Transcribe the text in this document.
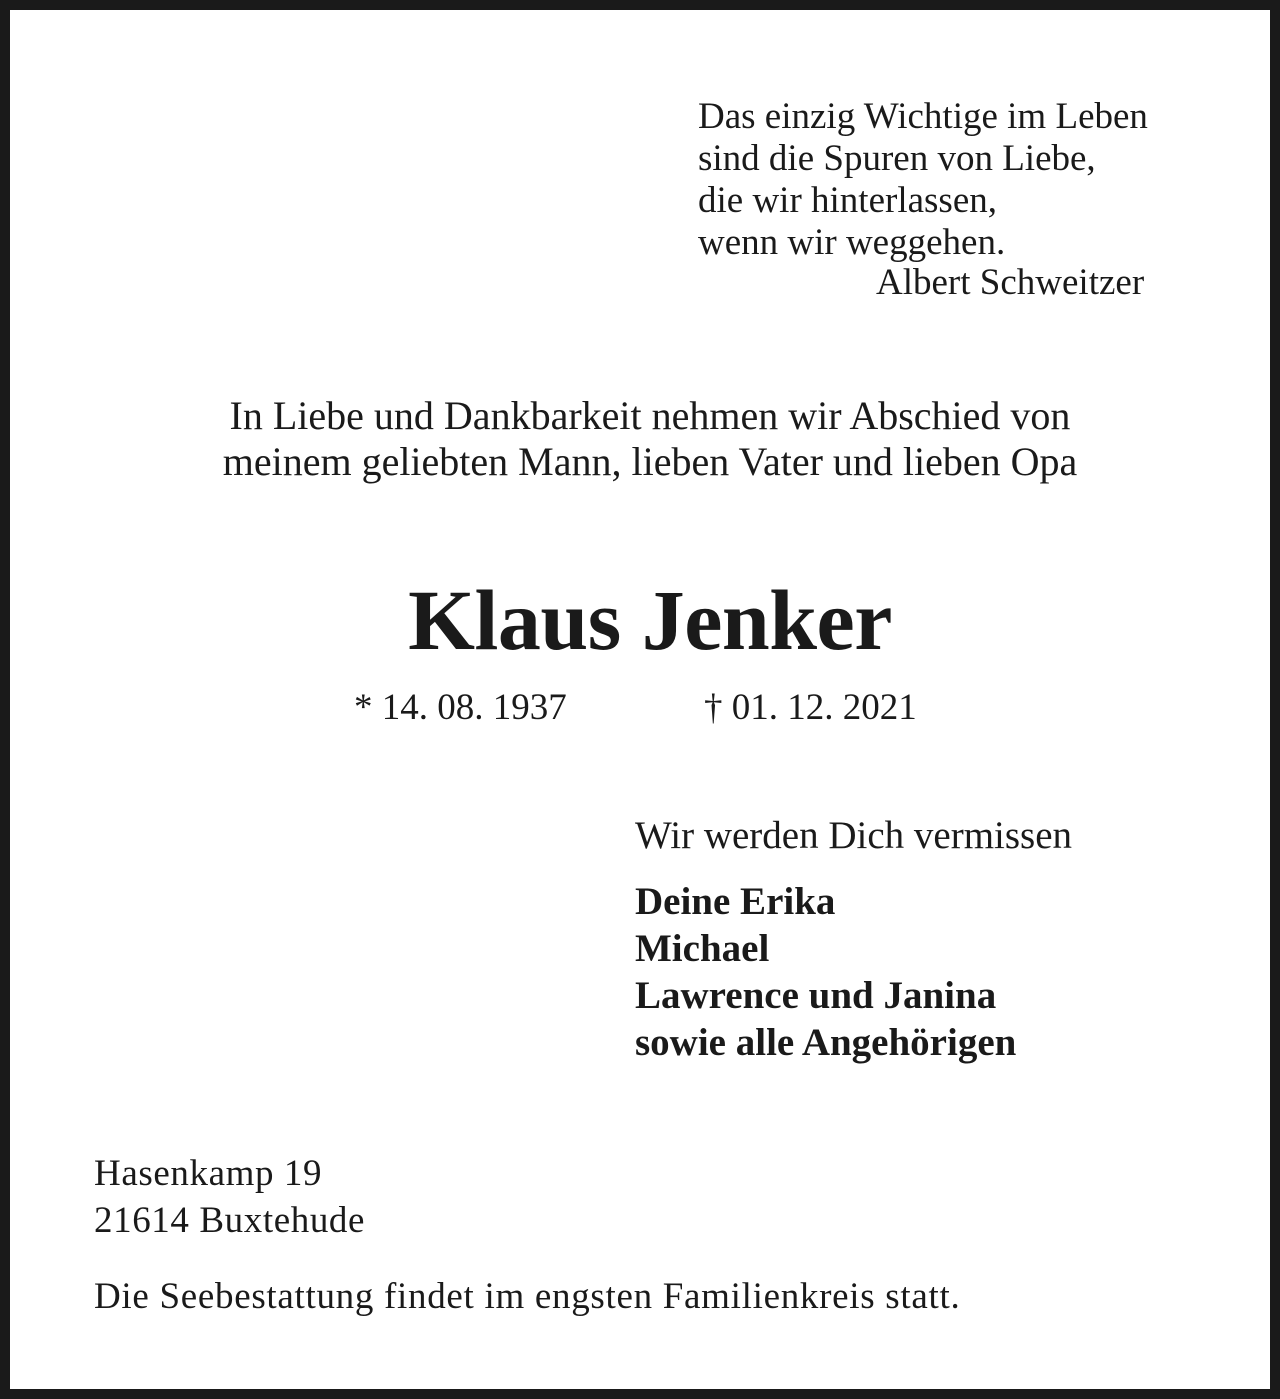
Das einzig Wichtige im Leben
sind die Spuren von Liebe,
die wir hinterlassen,
wenn wir weggehen.
Albert Schweitzer
In Liebe und Dankbarkeit nehmen wir Abschied von
meinem geliebten Mann, lieben Vater und lieben Opa
Klaus Jenker
* 14. 08. 1937	† 01. 12. 2021
Wir werden Dich vermissen
Deine Erika
Michael
Lawrence und Janina
sowie alle Angehörigen
Hasenkamp 19
21614 Buxtehude
Die Seebestattung findet im engsten Familienkreis statt.
